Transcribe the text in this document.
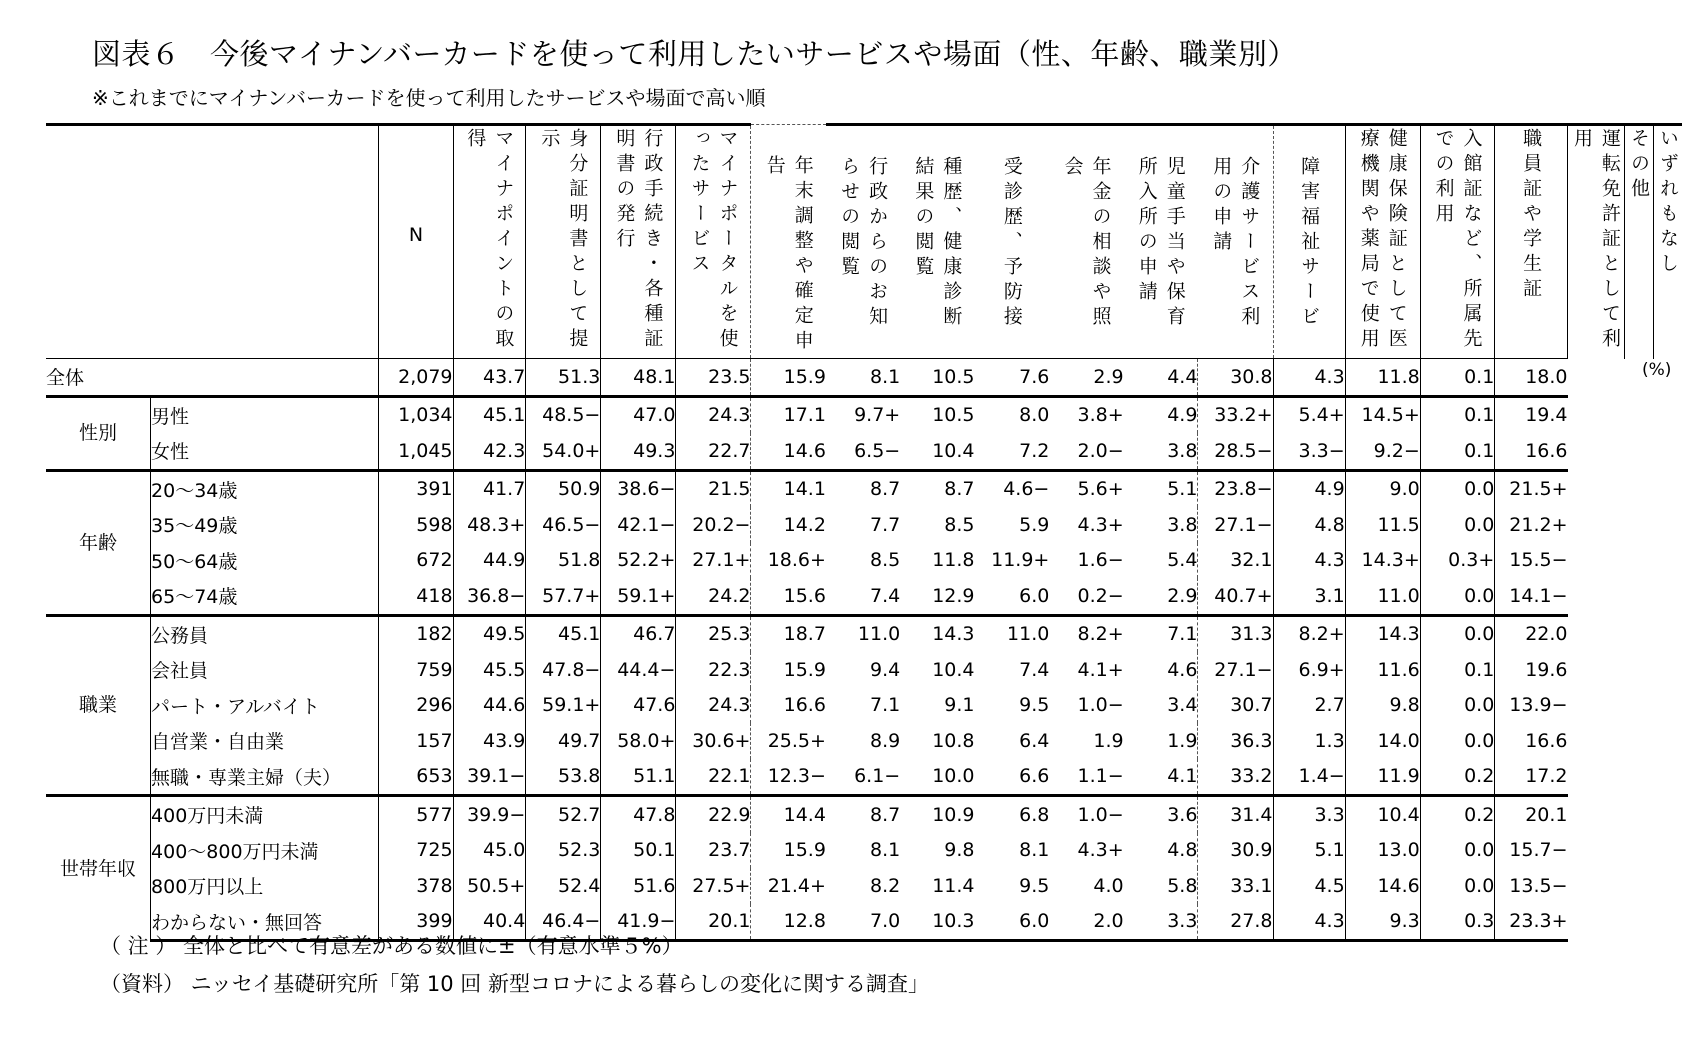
図表６　今後マイナンバーカードを使って利用したいサービスや場面（性、年齢、職業別）
※これまでにマイナンバーカードを使って利用したサービスや場面で高い順

		N	マイナポイントの取得	身分証明書として提示	行政手続き・各種証明書の発行	マイナポータルを使ったサービス	年末調整や確定申告	行政からのお知らせの閲覧	種歴、健康診断結果の閲覧	受診歴、予防接	年金の相談や照会	児童手当や保育所入所の申請	介護サービス利用の申請	障害福祉サービ	健康保険証として医療機関や薬局で使用	入館証など、所属先での利用	職員証や学生証	運転免許証として利用	その他	いずれもなし
全体		2,079	43.7	51.3	48.1	23.5	15.9	8.1	10.5	7.6	2.9	4.4	30.8	4.3	11.8	0.1	18.0			
性別	男性	1,034	45.1	48.5−	47.0	24.3	17.1	9.7+	10.5	8.0	3.8+	4.9	33.2+	5.4+	14.5+	0.1	19.4			
	女性	1,045	42.3	54.0+	49.3	22.7	14.6	6.5−	10.4	7.2	2.0−	3.8	28.5−	3.3−	9.2−	0.1	16.6			
年齢	20～34歳	391	41.7	50.9	38.6−	21.5	14.1	8.7	8.7	4.6−	5.6+	5.1	23.8−	4.9	9.0	0.0	21.5+			
	35～49歳	598	48.3+	46.5−	42.1−	20.2−	14.2	7.7	8.5	5.9	4.3+	3.8	27.1−	4.8	11.5	0.0	21.2+			
	50～64歳	672	44.9	51.8	52.2+	27.1+	18.6+	8.5	11.8	11.9+	1.6−	5.4	32.1	4.3	14.3+	0.3+	15.5−			
	65～74歳	418	36.8−	57.7+	59.1+	24.2	15.6	7.4	12.9	6.0	0.2−	2.9	40.7+	3.1	11.0	0.0	14.1−			
職業	公務員	182	49.5	45.1	46.7	25.3	18.7	11.0	14.3	11.0	8.2+	7.1	31.3	8.2+	14.3	0.0	22.0			
	会社員	759	45.5	47.8−	44.4−	22.3	15.9	9.4	10.4	7.4	4.1+	4.6	27.1−	6.9+	11.6	0.1	19.6			
	パート・アルバイト	296	44.6	59.1+	47.6	24.3	16.6	7.1	9.1	9.5	1.0−	3.4	30.7	2.7	9.8	0.0	13.9−			
	自営業・自由業	157	43.9	49.7	58.0+	30.6+	25.5+	8.9	10.8	6.4	1.9	1.9	36.3	1.3	14.0	0.0	16.6			
	無職・専業主婦（夫）	653	39.1−	53.8	51.1	22.1	12.3−	6.1−	10.0	6.6	1.1−	4.1	33.2	1.4−	11.9	0.2	17.2			
世帯年収	400万円未満	577	39.9−	52.7	47.8	22.9	14.4	8.7	10.9	6.8	1.0−	3.6	31.4	3.3	10.4	0.2	20.1			
	400～800万円未満	725	45.0	52.3	50.1	23.7	15.9	8.1	9.8	8.1	4.3+	4.8	30.9	5.1	13.0	0.0	15.7−			
	800万円以上	378	50.5+	52.4	51.6	27.5+	21.4+	8.2	11.4	9.5	4.0	5.8	33.1	4.5	14.6	0.0	13.5−			
	わからない・無回答	399	40.4	46.4−	41.9−	20.1	12.8	7.0	10.3	6.0	2.0	3.3	27.8	4.3	9.3	0.3	23.3+			
(%)
（ 注 ） 全体と比べて有意差がある数値に±（有意水準５%）
（資料） ニッセイ基礎研究所「第 10 回 新型コロナによる暮らしの変化に関する調査」
